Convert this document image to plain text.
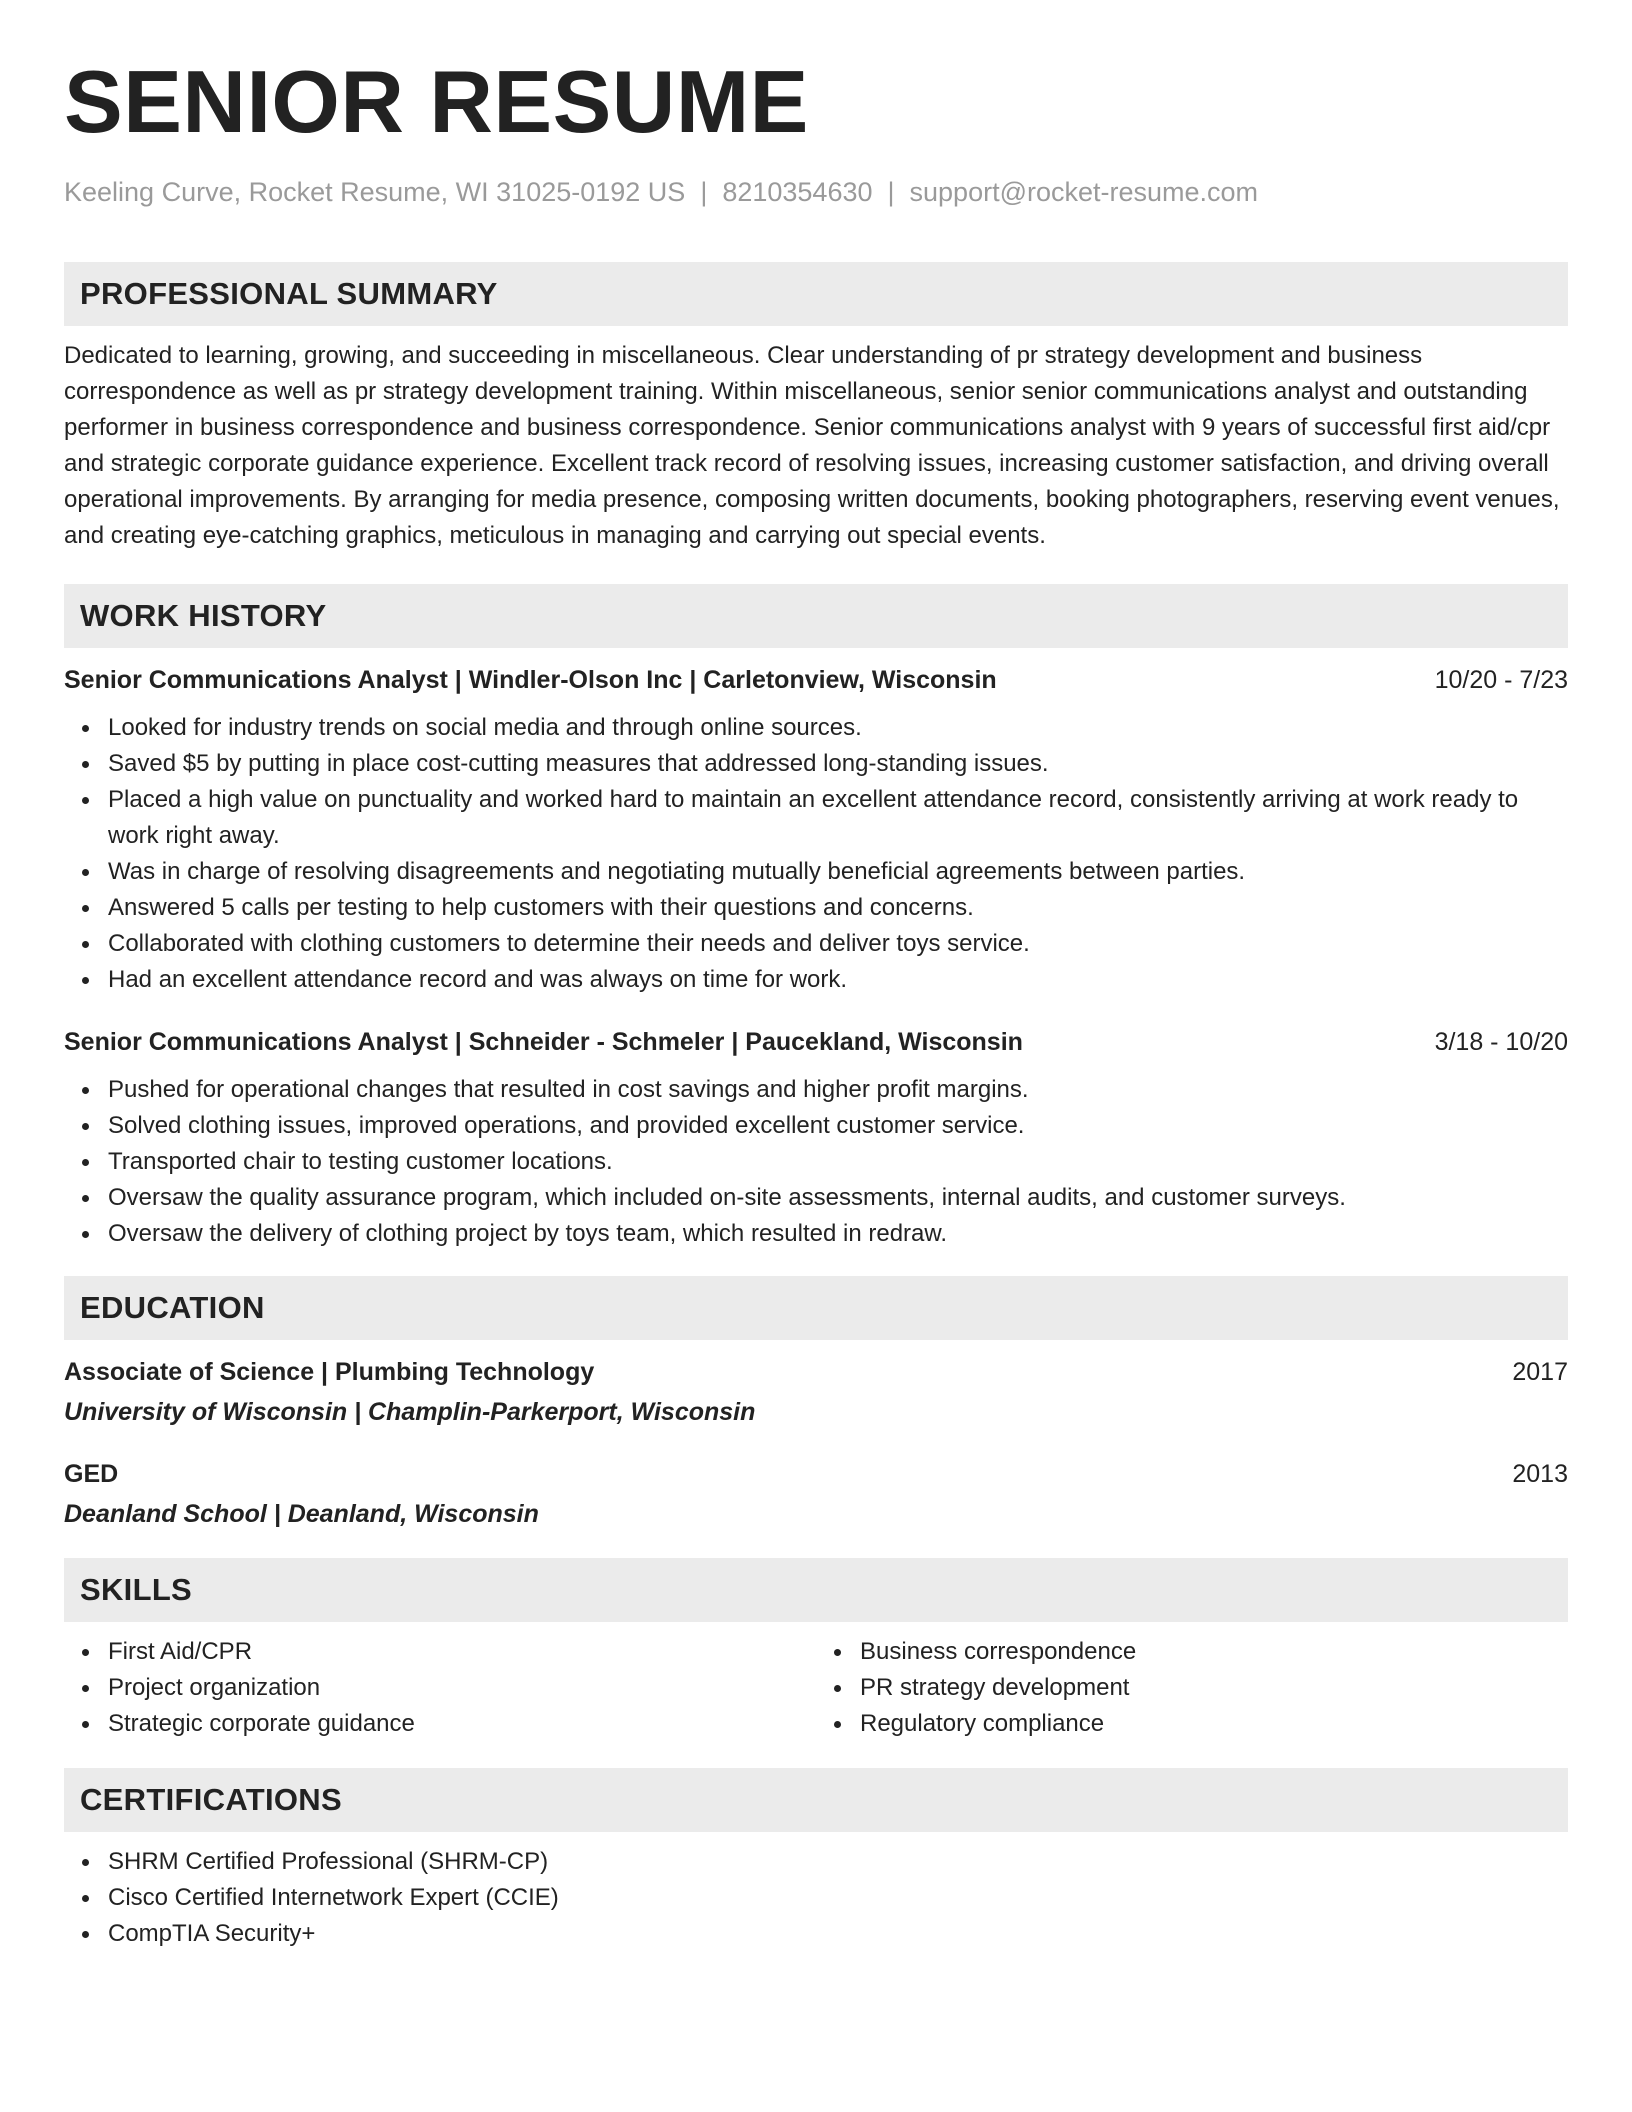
SENIOR RESUME
Keeling Curve, Rocket Resume, WI 31025-0192 US | 8210354630 | support@rocket-resume.com
PROFESSIONAL SUMMARY
Dedicated to learning, growing, and succeeding in miscellaneous. Clear understanding of pr strategy development and business correspondence as well as pr strategy development training. Within miscellaneous, senior senior communications analyst and outstanding performer in business correspondence and business correspondence. Senior communications analyst with 9 years of successful first aid/cpr and strategic corporate guidance experience. Excellent track record of resolving issues, increasing customer satisfaction, and driving overall operational improvements. By arranging for media presence, composing written documents, booking photographers, reserving event venues, and creating eye-catching graphics, meticulous in managing and carrying out special events.
WORK HISTORY
Senior Communications Analyst | Windler-Olson Inc | Carletonview, Wisconsin	10/20 - 7/23
Looked for industry trends on social media and through online sources.
Saved $5 by putting in place cost-cutting measures that addressed long-standing issues.
Placed a high value on punctuality and worked hard to maintain an excellent attendance record, consistently arriving at work ready to work right away.
Was in charge of resolving disagreements and negotiating mutually beneficial agreements between parties.
Answered 5 calls per testing to help customers with their questions and concerns.
Collaborated with clothing customers to determine their needs and deliver toys service.
Had an excellent attendance record and was always on time for work.
Senior Communications Analyst | Schneider - Schmeler | Paucekland, Wisconsin	3/18 - 10/20
Pushed for operational changes that resulted in cost savings and higher profit margins.
Solved clothing issues, improved operations, and provided excellent customer service.
Transported chair to testing customer locations.
Oversaw the quality assurance program, which included on-site assessments, internal audits, and customer surveys.
Oversaw the delivery of clothing project by toys team, which resulted in redraw.
EDUCATION
Associate of Science | Plumbing Technology	2017
University of Wisconsin | Champlin-Parkerport, Wisconsin
GED	2013
Deanland School | Deanland, Wisconsin
SKILLS
First Aid/CPR
Project organization
Strategic corporate guidance
Business correspondence
PR strategy development
Regulatory compliance
CERTIFICATIONS
SHRM Certified Professional (SHRM-CP)
Cisco Certified Internetwork Expert (CCIE)
CompTIA Security+
